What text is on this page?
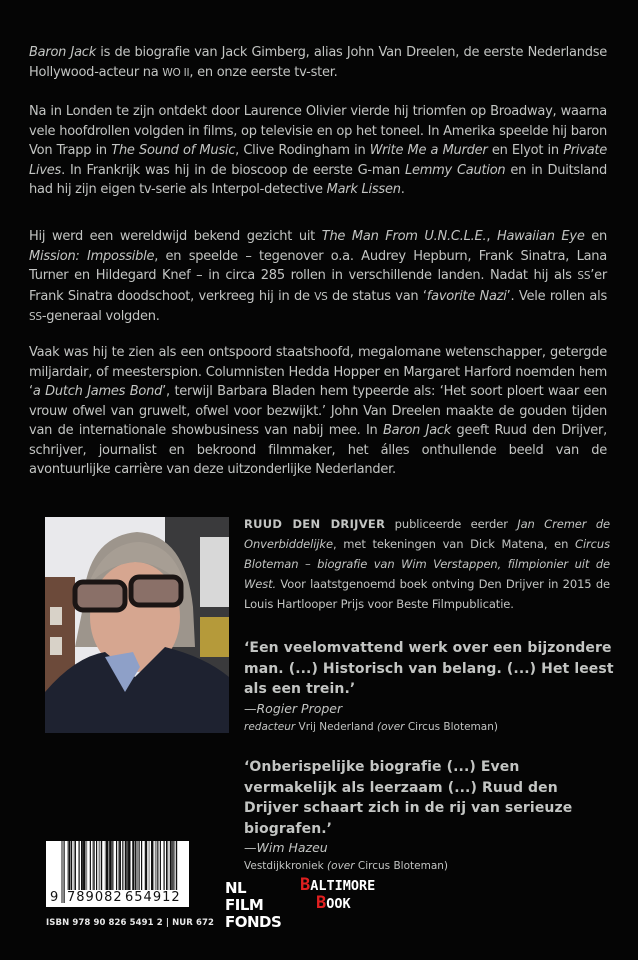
Baron Jack is de biografie van Jack Gimberg, alias John Van Dreelen, de eerste Nederlandse Hollywood-acteur na WO II, en onze eerste tv-ster.

Na in Londen te zijn ontdekt door Laurence Olivier vierde hij triomfen op Broadway, waarna vele hoofdrollen volgden in films, op televisie en op het toneel. In Amerika speelde hij baron Von Trapp in The Sound of Music, Clive Rodingham in Write Me a Murder en Elyot in Private Lives. In Frankrijk was hij in de bioscoop de eerste G-man Lemmy Caution en in Duitsland had hij zijn eigen tv-serie als Interpol-detective Mark Lissen.

Hij werd een wereldwijd bekend gezicht uit The Man From U.N.C.L.E., Hawaiian Eye en Mission: Impossible, en speelde – tegenover o.a. Audrey Hepburn, Frank Sinatra, Lana Turner en Hildegard Knef – in circa 285 rollen in verschillende landen. Nadat hij als SS’er Frank Sinatra doodschoot, verkreeg hij in de VS de status van ‘favorite Nazi’. Vele rollen als SS-generaal volgden.

Vaak was hij te zien als een ontspoord staatshoofd, megalomane wetenschapper, getergde miljardair, of meesterspion. Columnisten Hedda Hopper en Margaret Harford noemden hem ‘a Dutch James Bond’, terwijl Barbara Bladen hem typeerde als: ‘Het soort ploert waar een vrouw ofwel van gruwelt, ofwel voor bezwijkt.’ John Van Dreelen maakte de gouden tijden van de internationale showbusiness van nabij mee. In Baron Jack geeft Ruud den Drijver, schrijver, journalist en bekroond filmmaker, het álles onthullende beeld van de avontuurlijke carrière van deze uitzonderlijke Nederlander.

RUUD DEN DRIJVER publiceerde eerder Jan Cremer de Onverbiddelijke, met tekeningen van Dick Matena, en Circus Bloteman – biografie van Wim Verstappen, filmpionier uit de West. Voor laatstgenoemd boek ontving Den Drijver in 2015 de Louis Hartlooper Prijs voor Beste Filmpublicatie.
‘Een veelomvattend werk over een bijzondere man. (...) Historisch van belang. (...) Het leest als een trein.’
—Rogier Proper
redacteur Vrij Nederland (over Circus Bloteman)
‘Onberispelijke biografie (...) Even vermakelijk als leerzaam (...) Ruud den Drijver schaart zich in de rij van serieuze biografen.’
—Wim Hazeu
Vestdijkkroniek (over Circus Bloteman)
9 789082 654912
ISBN 978 90 826 5491 2 | NUR 672
NL FILM
FONDS
BALTIMORE
BOOK
